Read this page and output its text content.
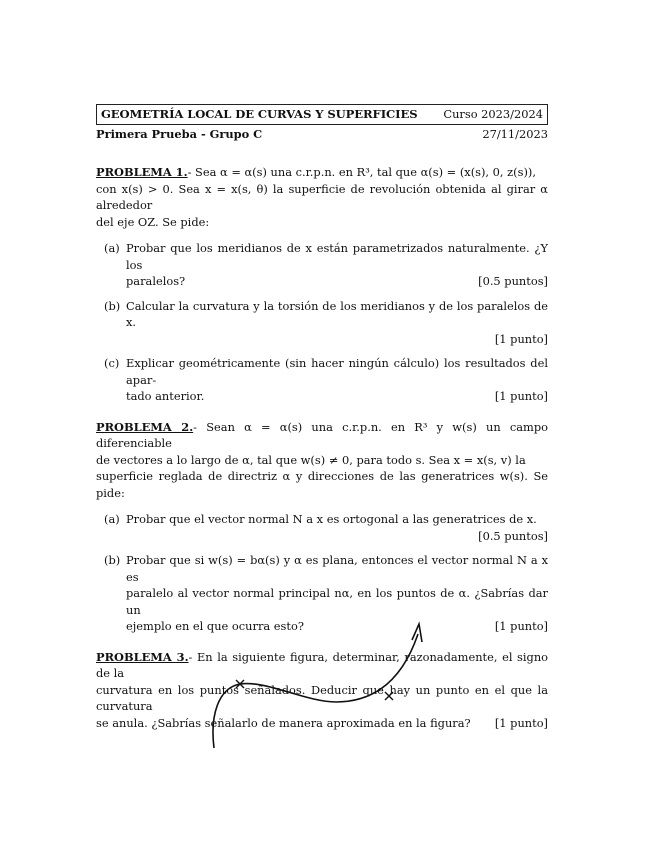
GEOMETRÍA LOCAL DE CURVAS Y SUPERFICIES Curso 2023/2024
Primera Prueba - Grupo C	27/11/2023
PROBLEMA 1.- Sea α = α(s) una c.r.p.n. en R³, tal que α(s) = (x(s), 0, z(s)),
con x(s) > 0. Sea x = x(s, θ) la superficie de revolución obtenida al girar α alrededor
del eje OZ. Se pide:
(a) Probar que los meridianos de x están parametrizados naturalmente. ¿Y los
paralelos?	[0.5 puntos]
(b) Calcular la curvatura y la torsión de los meridianos y de los paralelos de x.
[1 punto]
(c) Explicar geométricamente (sin hacer ningún cálculo) los resultados del apar-
tado anterior.	[1 punto]
PROBLEMA 2.- Sean α = α(s) una c.r.p.n. en R³ y w(s) un campo diferenciable
de vectores a lo largo de α, tal que w(s) ≠ 0, para todo s. Sea x = x(s, v) la
superficie reglada de directriz α y direcciones de las generatrices w(s). Se pide:
(a) Probar que el vector normal N a x es ortogonal a las generatrices de x.
[0.5 puntos]
(b) Probar que si w(s) = bα(s) y α es plana, entonces el vector normal N a x es
paralelo al vector normal principal nα, en los puntos de α. ¿Sabrías dar un
ejemplo en el que ocurra esto?	[1 punto]
PROBLEMA 3.- En la siguiente figura, determinar, razonadamente, el signo de la
curvatura en los puntos señalados. Deducir que hay un punto en el que la curvatura
se anula. ¿Sabrías señalarlo de manera aproximada en la figura? [1 punto]
